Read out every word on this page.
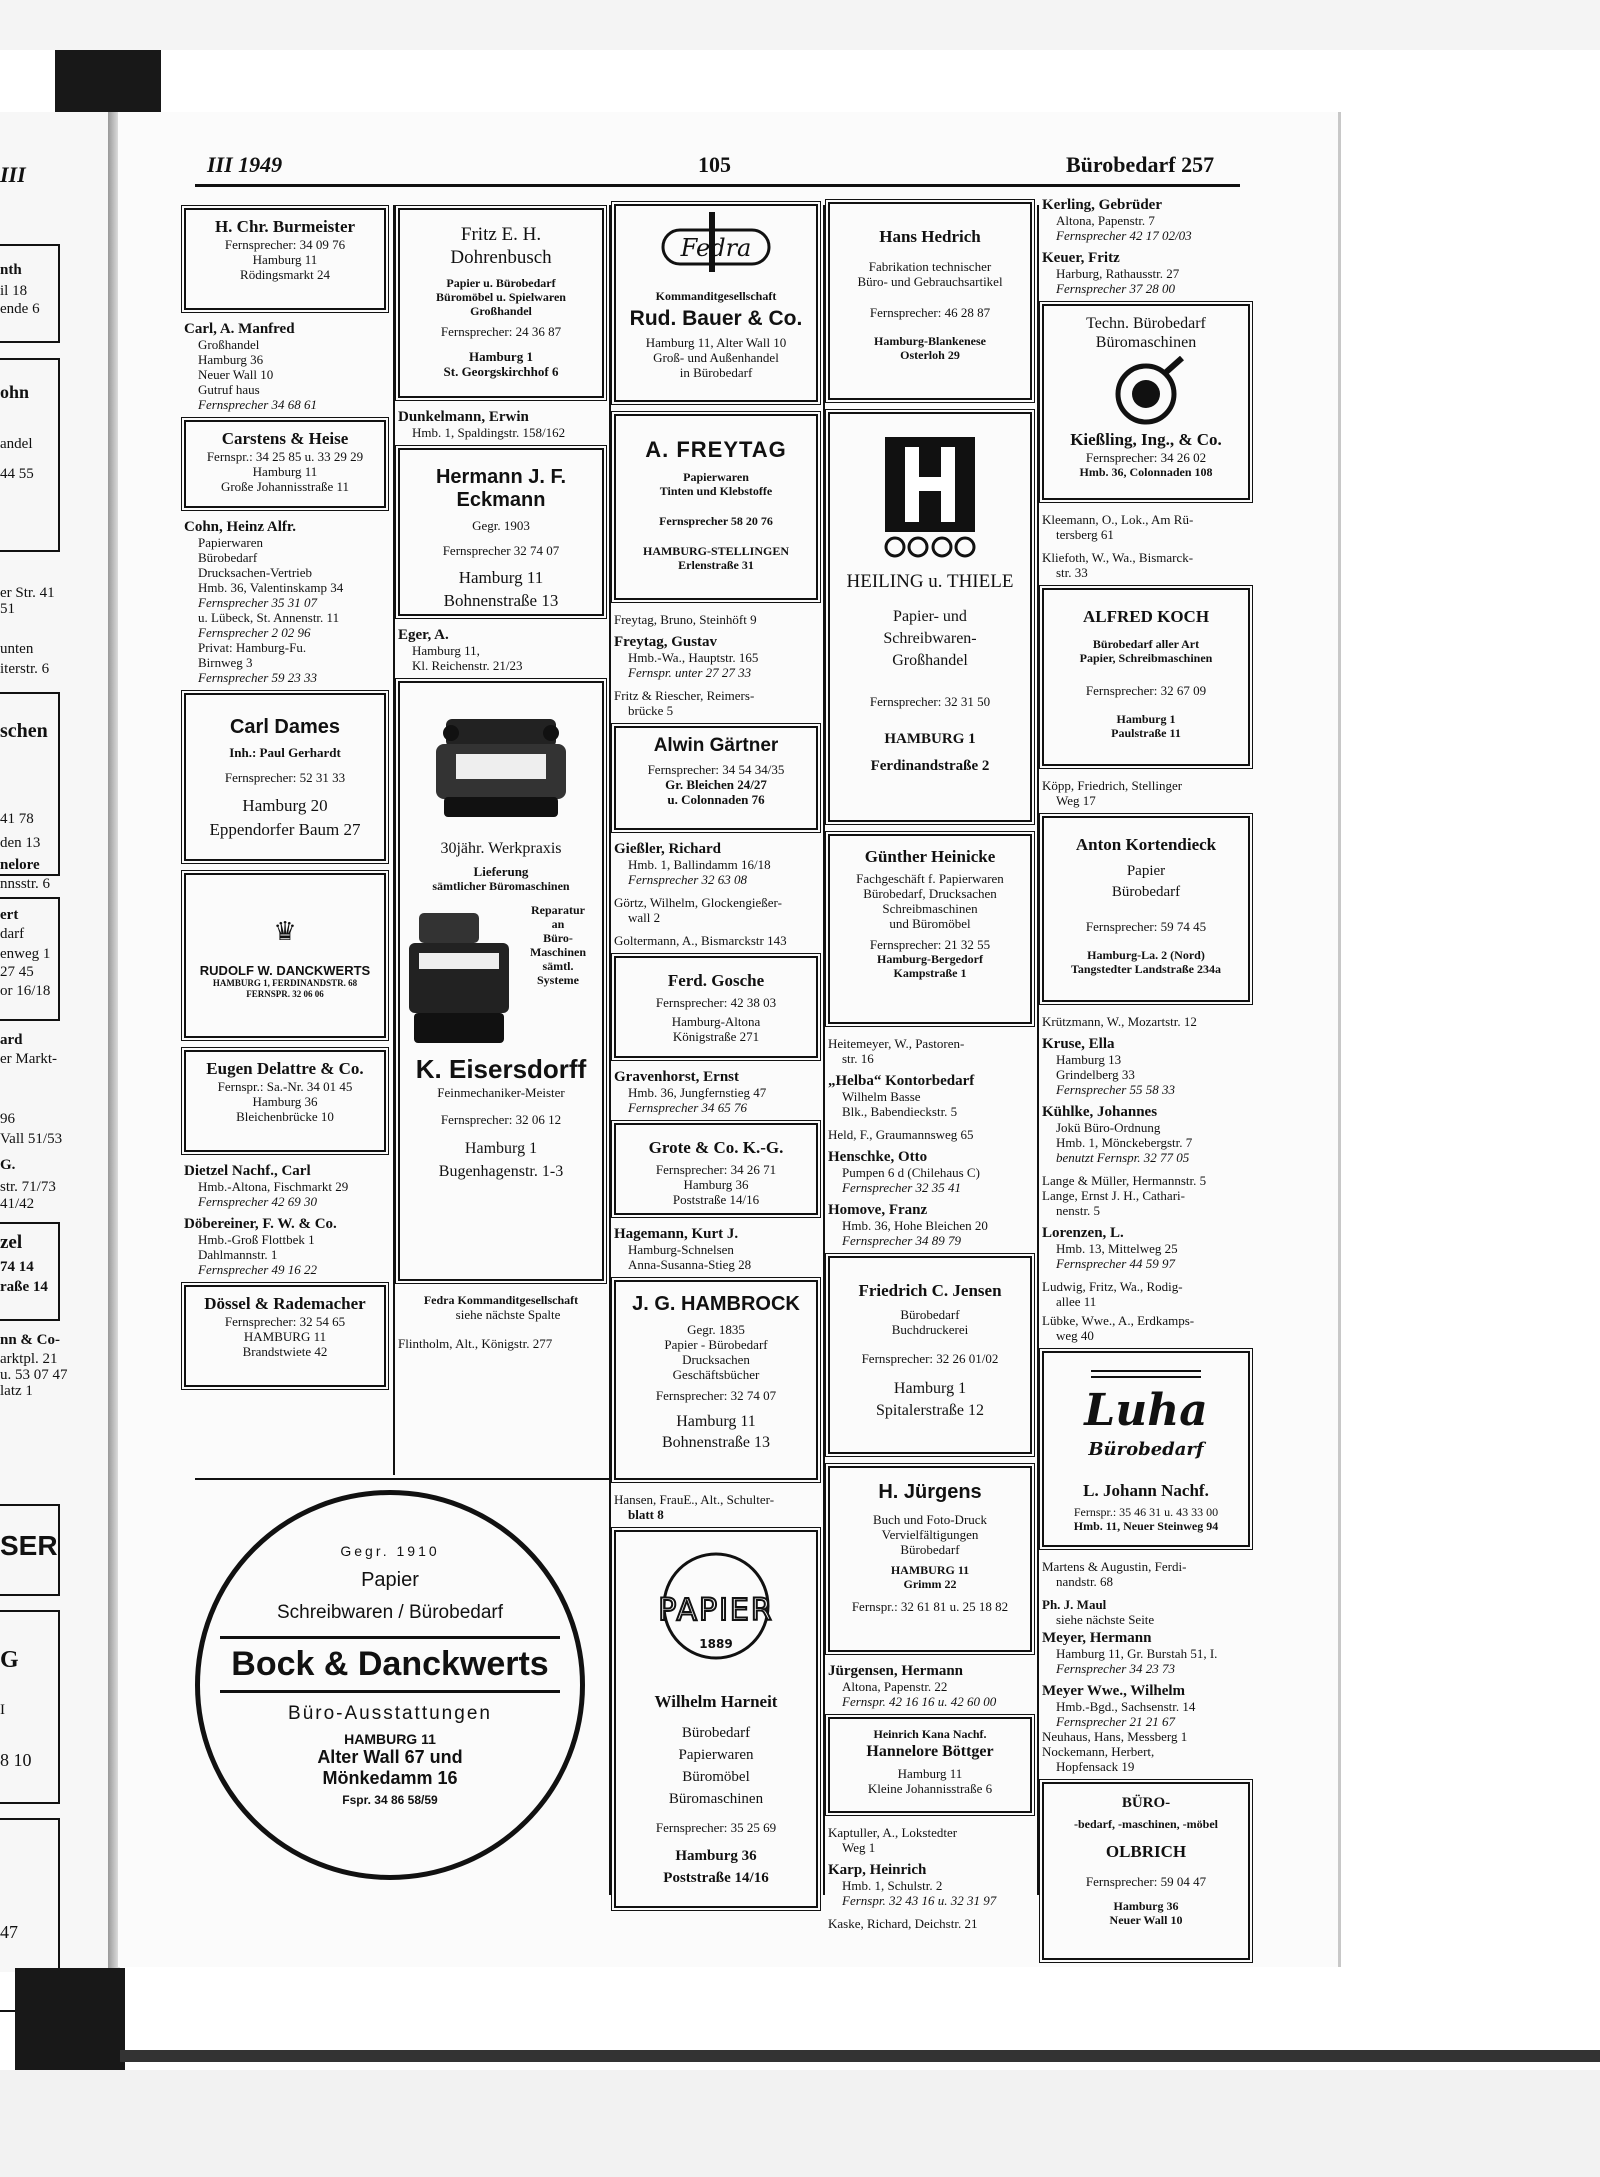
III
nth
il 18
ende 6
ohn
andel
44 55
er Str. 41
51
unten
iterstr. 6
schen
41 78
den 13
nelore
nnsstr. 6
ert
darf
enweg 1
27 45
or 16/18
ard
er Markt-
96
Vall 51/53
G.
str. 71/73
41/42
zel
74 14
raße 14
nn & Co-
arktpl. 21
u. 53 07 47
latz 1
SER
G
I
8 10
47
III 1949	105	Bürobedarf 257
H. Chr. Burmeister
Fernsprecher: 34 09 76
Hamburg 11
Rödingsmarkt 24
Carl, A. Manfred
Großhandel
Hamburg 36
Neuer Wall 10
Gutruf haus
Fernsprecher 34 68 61
Carstens & Heise
Fernspr.: 34 25 85 u. 33 29 29
Hamburg 11
Große Johannisstraße 11
Cohn, Heinz Alfr.
Papierwaren
Bürobedarf
Drucksachen-Vertrieb
Hmb. 36, Valentinskamp 34
Fernsprecher 35 31 07
u. Lübeck, St. Annenstr. 11
Fernsprecher 2 02 96
Privat: Hamburg-Fu.
Birnweg 3
Fernsprecher 59 23 33
Carl Dames
Inh.: Paul Gerhardt
Fernsprecher: 52 31 33
Hamburg 20
Eppendorfer Baum 27
♛
RUDOLF W. DANCKWERTS
HAMBURG 1, FERDINANDSTR. 68
FERNSPR. 32 06 06
Eugen Delattre & Co.
Fernspr.: Sa.-Nr. 34 01 45
Hamburg 36
Bleichenbrücke 10
Dietzel Nachf., Carl
Hmb.-Altona, Fischmarkt 29
Fernsprecher 42 69 30
Döbereiner, F. W. & Co.
Hmb.-Groß Flottbek 1
Dahlmannstr. 1
Fernsprecher 49 16 22
Dössel & Rademacher
Fernsprecher: 32 54 65
HAMBURG 11
Brandstwiete 42
Fritz E. H.
Dohrenbusch
Papier u. Bürobedarf
Büromöbel u. Spielwaren
Großhandel
Fernsprecher: 24 36 87
Hamburg 1
St. Georgskirchhof 6
Dunkelmann, Erwin
Hmb. 1, Spaldingstr. 158/162
Hermann J. F.
Eckmann
Gegr. 1903
Fernsprecher 32 74 07
Hamburg 11
Bohnenstraße 13
Eger, A.
Hamburg 11,
Kl. Reichenstr. 21/23
30jähr. Werkpraxis
Lieferung
sämtlicher Büromaschinen
Reparatur
an
Büro-
Maschinen
sämtl.
Systeme
K. Eisersdorff
Feinmechaniker-Meister
Fernsprecher: 32 06 12
Hamburg 1
Bugenhagenstr. 1-3
Fedra Kommanditgesellschaft
siehe nächste Spalte
Flintholm, Alt., Königstr. 277
Gegr. 1910
Papier
Schreibwaren / Bürobedarf
Bock & Danckwerts
Büro-Ausstattungen
HAMBURG 11
Alter Wall 67 und
Mönkedamm 16
Fspr. 34 86 58/59
Fedra
Kommanditgesellschaft
Rud. Bauer & Co.
Hamburg 11, Alter Wall 10
Groß- und Außenhandel
in Bürobedarf
A. FREYTAG
Papierwaren
Tinten und Klebstoffe
Fernsprecher 58 20 76
HAMBURG-STELLINGEN
Erlenstraße 31
Freytag, Bruno, Steinhöft 9
Freytag, Gustav
Hmb.-Wa., Hauptstr. 165
Fernspr. unter 27 27 33
Fritz & Riescher, Reimers-
brücke 5
Alwin Gärtner
Fernsprecher: 34 54 34/35
Gr. Bleichen 24/27
u. Colonnaden 76
Gießler, Richard
Hmb. 1, Ballindamm 16/18
Fernsprecher 32 63 08
Görtz, Wilhelm, Glockengießer-
wall 2
Goltermann, A., Bismarckstr 143
Ferd. Gosche
Fernsprecher: 42 38 03
Hamburg-Altona
Königstraße 271
Gravenhorst, Ernst
Hmb. 36, Jungfernstieg 47
Fernsprecher 34 65 76
Grote & Co. K.-G.
Fernsprecher: 34 26 71
Hamburg 36
Poststraße 14/16
Hagemann, Kurt J.
Hamburg-Schnelsen
Anna-Susanna-Stieg 28
J. G. HAMBROCK
Gegr. 1835
Papier - Bürobedarf
Drucksachen
Geschäftsbücher
Fernsprecher: 32 74 07
Hamburg 11
Bohnenstraße 13
Hansen, FrauE., Alt., Schulter-
blatt 8
PAPIER
1889
Wilhelm Harneit
Bürobedarf
Papierwaren
Büromöbel
Büromaschinen
Fernsprecher: 35 25 69
Hamburg 36
Poststraße 14/16
Hans Hedrich
Fabrikation technischer
Büro- und Gebrauchsartikel
Fernsprecher: 46 28 87
Hamburg-Blankenese
Osterloh 29
HEILING u. THIELE
Papier- und
Schreibwaren-
Großhandel
Fernsprecher: 32 31 50
HAMBURG 1
Ferdinandstraße 2
Günther Heinicke
Fachgeschäft f. Papierwaren
Bürobedarf, Drucksachen
Schreibmaschinen
und Büromöbel
Fernsprecher: 21 32 55
Hamburg-Bergedorf
Kampstraße 1
Heitemeyer, W., Pastoren-
str. 16
„Helba“ Kontorbedarf
Wilhelm Basse
Blk., Babendieckstr. 5
Held, F., Graumannsweg 65
Henschke, Otto
Pumpen 6 d (Chilehaus C)
Fernsprecher 32 35 41
Homove, Franz
Hmb. 36, Hohe Bleichen 20
Fernsprecher 34 89 79
Friedrich C. Jensen
Bürobedarf
Buchdruckerei
Fernsprecher: 32 26 01/02
Hamburg 1
Spitalerstraße 12
H. Jürgens
Buch und Foto-Druck
Vervielfältigungen
Bürobedarf
HAMBURG 11
Grimm 22
Fernspr.: 32 61 81 u. 25 18 82
Jürgensen, Hermann
Altona, Papenstr. 22
Fernspr. 42 16 16 u. 42 60 00
Heinrich Kana Nachf.
Hannelore Böttger
Hamburg 11
Kleine Johannisstraße 6
Kaptuller, A., Lokstedter
Weg 1
Karp, Heinrich
Hmb. 1, Schulstr. 2
Fernspr. 32 43 16 u. 32 31 97
Kaske, Richard, Deichstr. 21
Kerling, Gebrüder
Altona, Papenstr. 7
Fernsprecher 42 17 02/03
Keuer, Fritz
Harburg, Rathausstr. 27
Fernsprecher 37 28 00
Techn. Bürobedarf
Büromaschinen
Kießling, Ing., & Co.
Fernsprecher: 34 26 02
Hmb. 36, Colonnaden 108
Kleemann, O., Lok., Am Rü-
tersberg 61
Kliefoth, W., Wa., Bismarck-
str. 33
ALFRED KOCH
Bürobedarf aller Art
Papier, Schreibmaschinen
Fernsprecher: 32 67 09
Hamburg 1
Paulstraße 11
Köpp, Friedrich, Stellinger
Weg 17
Anton Kortendieck
Papier
Bürobedarf
Fernsprecher: 59 74 45
Hamburg-La. 2 (Nord)
Tangstedter Landstraße 234a
Krützmann, W., Mozartstr. 12
Kruse, Ella
Hamburg 13
Grindelberg 33
Fernsprecher 55 58 33
Kühlke, Johannes
Jokü Büro-Ordnung
Hmb. 1, Mönckebergstr. 7
benutzt Fernspr. 32 77 05
Lange & Müller, Hermannstr. 5
Lange, Ernst J. H., Cathari-
nenstr. 5
Lorenzen, L.
Hmb. 13, Mittelweg 25
Fernsprecher 44 59 97
Ludwig, Fritz, Wa., Rodig-
allee 11
Lübke, Wwe., A., Erdkamps-
weg 40
Luha
Bürobedarf
L. Johann Nachf.
Fernspr.: 35 46 31 u. 43 33 00
Hmb. 11, Neuer Steinweg 94
Martens & Augustin, Ferdi-
nandstr. 68
Ph. J. Maul
siehe nächste Seite
Meyer, Hermann
Hamburg 11, Gr. Burstah 51, I.
Fernsprecher 34 23 73
Meyer Wwe., Wilhelm
Hmb.-Bgd., Sachsenstr. 14
Fernsprecher 21 21 67
Neuhaus, Hans, Messberg 1
Nockemann, Herbert,
Hopfensack 19
BÜRO-
-bedarf, -maschinen, -möbel
OLBRICH
Fernsprecher: 59 04 47
Hamburg 36
Neuer Wall 10
